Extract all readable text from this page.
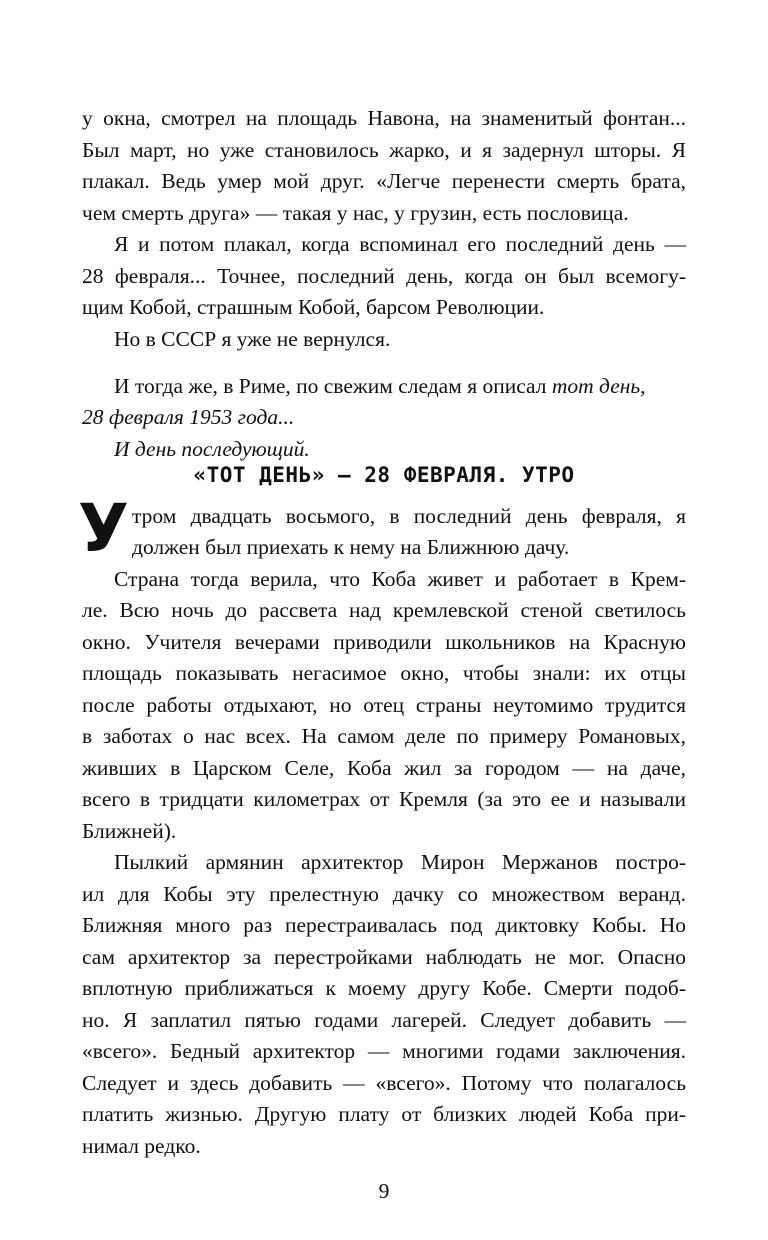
у окна, смотрел на площадь Навона, на знаменитый фонтан...
Был март, но уже становилось жарко, и я задернул шторы. Я
плакал. Ведь умер мой друг. «Легче перенести смерть брата,
чем смерть друга» — такая у нас, у грузин, есть пословица.
Я и потом плакал, когда вспоминал его последний день —
28 февраля... Точнее, последний день, когда он был всемогу-
щим Кобой, страшным Кобой, барсом Революции.
Но в СССР я уже не вернулся.
И тогда же, в Риме, по свежим следам я описал тот день,
28 февраля 1953 года...
И день последующий.
«ТОТ ДЕНЬ» — 28 ФЕВРАЛЯ. УТРО
У тром двадцать восьмого, в последний день февраля, я
должен был приехать к нему на Ближнюю дачу.
Страна тогда верила, что Коба живет и работает в Крем-
ле. Всю ночь до рассвета над кремлевской стеной светилось
окно. Учителя вечерами приводили школьников на Красную
площадь показывать негасимое окно, чтобы знали: их отцы
после работы отдыхают, но отец страны неутомимо трудится
в заботах о нас всех. На самом деле по примеру Романовых,
живших в Царском Селе, Коба жил за городом — на даче,
всего в тридцати километрах от Кремля (за это ее и называли
Ближней).
Пылкий армянин архитектор Мирон Мержанов постро-
ил для Кобы эту прелестную дачку со множеством веранд.
Ближняя много раз перестраивалась под диктовку Кобы. Но
сам архитектор за перестройками наблюдать не мог. Опасно
вплотную приближаться к моему другу Кобе. Смерти подоб-
но. Я заплатил пятью годами лагерей. Следует добавить —
«всего». Бедный архитектор — многими годами заключения.
Следует и здесь добавить — «всего». Потому что полагалось
платить жизнью. Другую плату от близких людей Коба при-
нимал редко.
9
